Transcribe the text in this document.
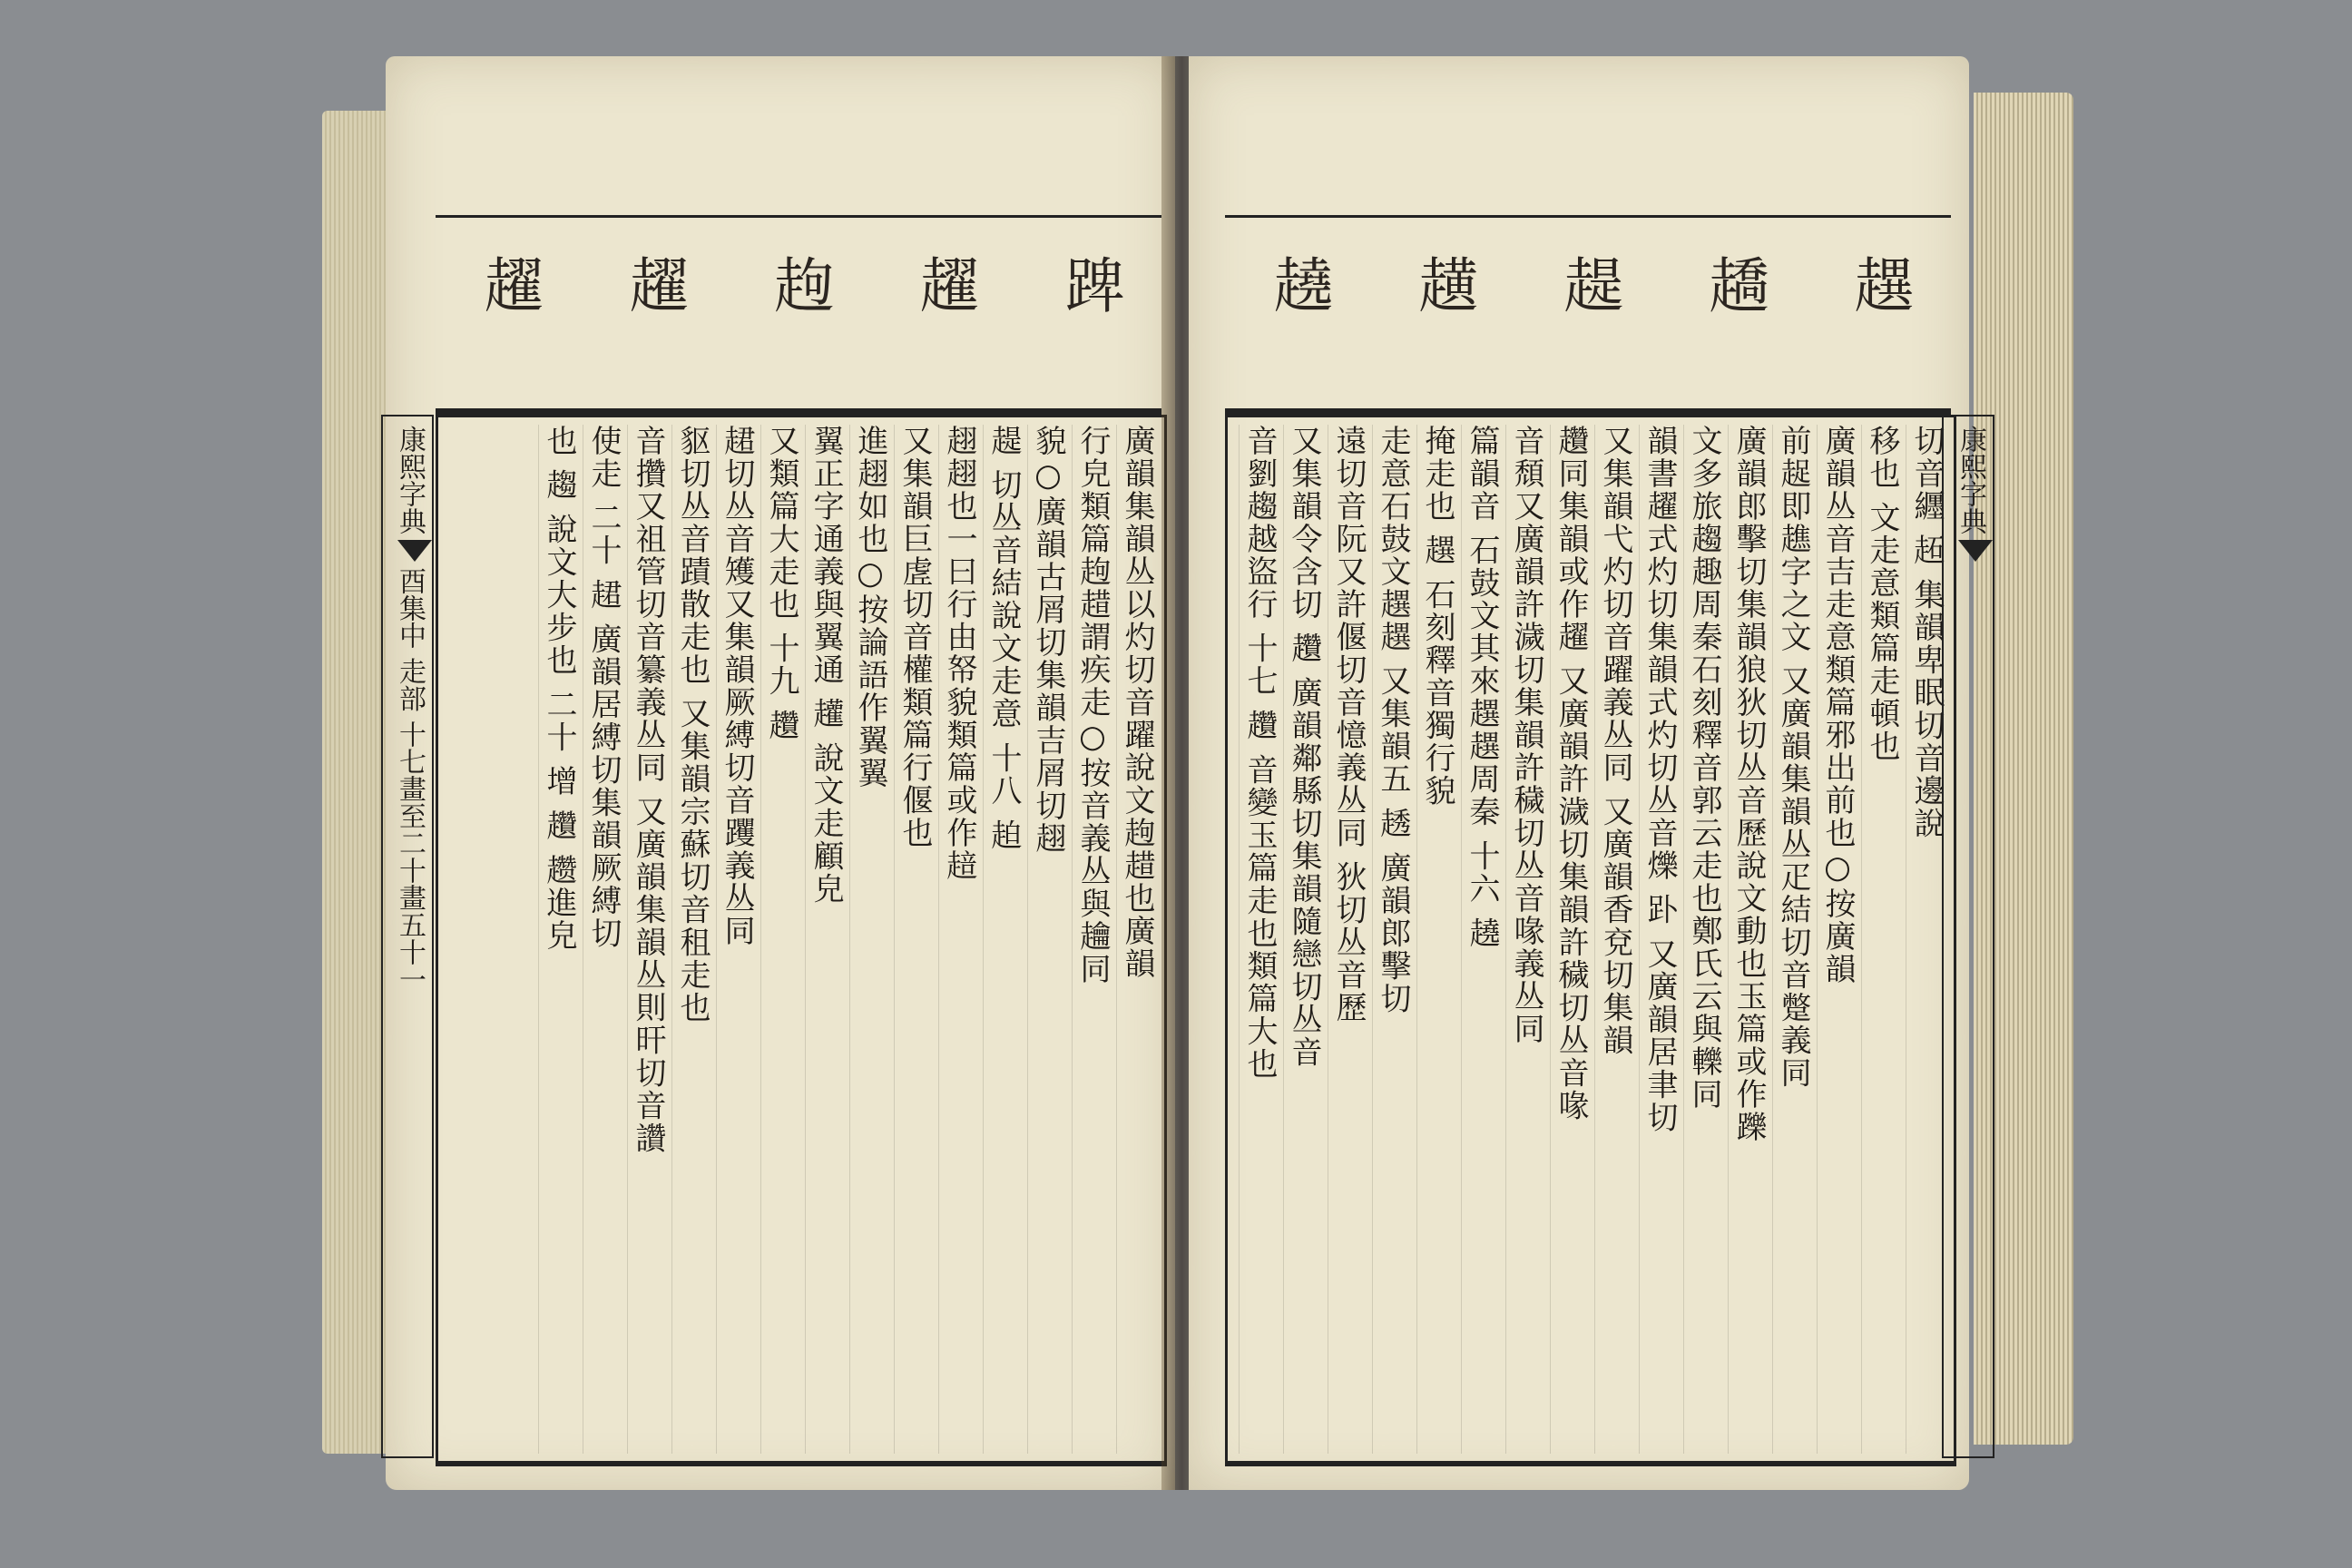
䠋
趯
䞤
趯
趯
康熙字典
酉集中 走部 十七畫至二十畫
五十一	廣韻集韻丛以灼切音躍說文䞤趞也廣韻
行皃類篇䞤趞謂疾走○按音義丛與䟑同
貌○廣韻古屑切集韻吉屑切趐
趧 切丛音結說文走意 十八 䞟
趐趐也一曰行由帑貌類篇或作䞳
又集韻巨虗切音權類篇行偃也
進趐如也○按論語作翼翼
翼正字通義與翼通 䟒 說文走顧皃
又類篇大走也 十九 趲
䞫切丛音矱又集韻厥縛切音躩義丛同
䝙切丛音蹟散走也 又集韻宗蘇切音租走也
音攢又祖管切音纂義丛同 又廣韻集韻丛則旰切音讚
使走 二十 䞫 廣韻居縛切集韻厥縛切
也 趨 說文大步也 二十 增 趲 趱進皃
趩
趫
趧
趪
趬
切音纒 䞠 集韻卑眠切音邊說
移也 文走意類篇走頓也
廣韻丛音吉走意類篇邪出前也○按廣韻
前趗即趭字之文 又廣韻集韻丛疋結切音蹩義同
廣韻郎擊切集韻狼狄切丛音歷說文動也玉篇或作躒
文多旅趨趣周秦石刻釋音郭云走也鄭氏云與轢同
韻書趯式灼切集韻式灼切丛音爍 䟔 又廣韻居聿切
又集韻弋灼切音躍義丛同 又廣韻香兗切集韻
趲同集韻或作趯 又廣韻許濊切集韻許穢切丛音喙
音頹又廣韻許濊切集韻許穢切丛音喙義丛同
篇韻音 石鼓文其來趩趩周秦 十六 趬
掩走也 趩 石刻釋音獨行貌
走意石鼓文趩趩 又集韻五 䞬 廣韻郎擊切
遠切音阮又許偃切音憶義丛同 狄切丛音歷
又集韻令含切 趲 廣韻鄰縣切集韻隨戀切丛音
音劉趨越盜行 十七 趲 音變玉篇走也類篇大也	康熙字典
